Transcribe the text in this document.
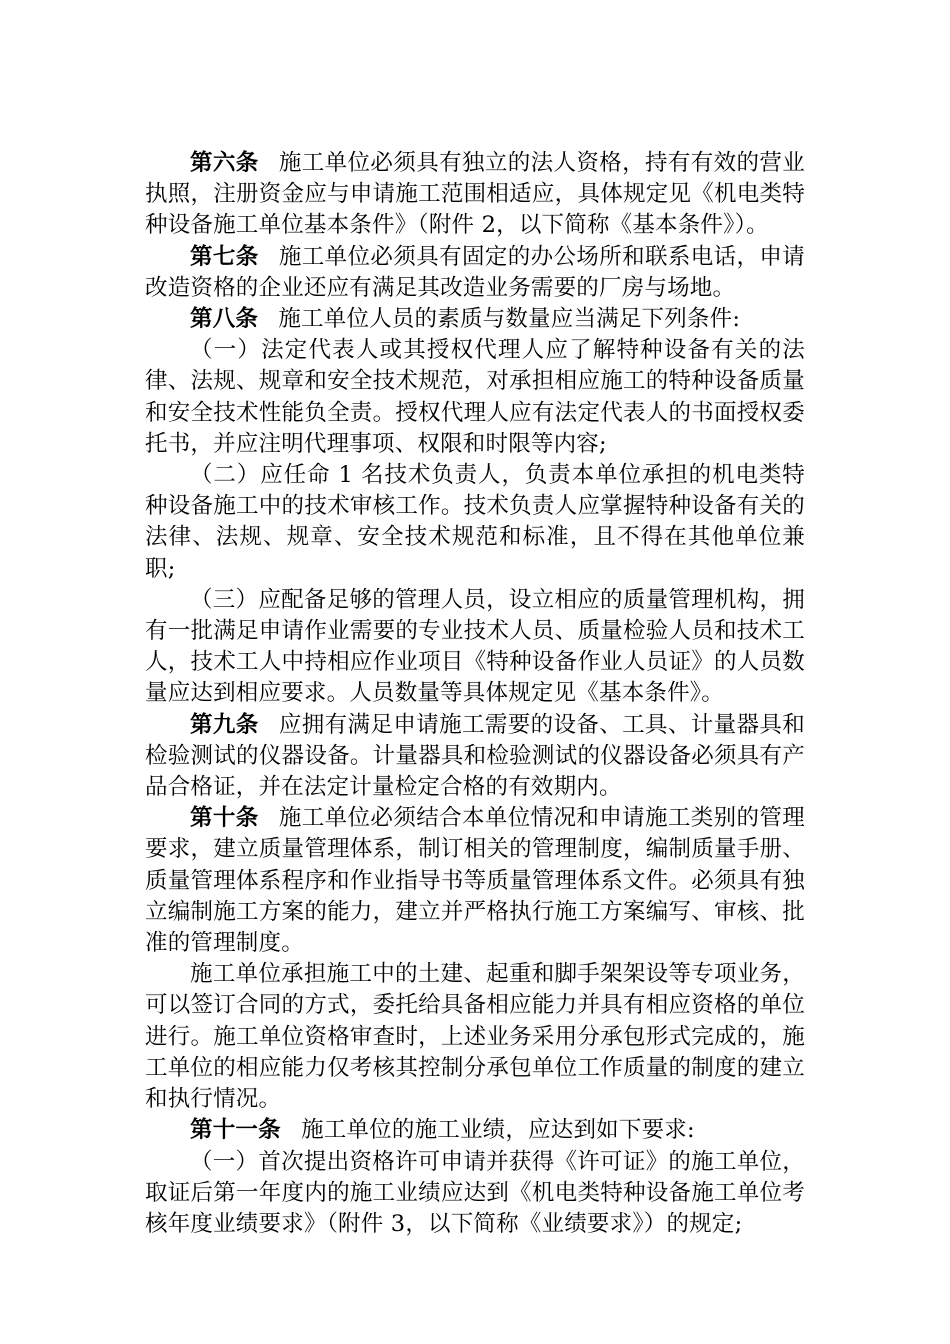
第六条 施工单位必须具有独立的法人资格，持有有效的营业执照，注册资金应与申请施工范围相适应，具体规定见《机电类特种设备施工单位基本条件》（附件 2，以下简称《基本条件》）。

第七条 施工单位必须具有固定的办公场所和联系电话，申请改造资格的企业还应有满足其改造业务需要的厂房与场地。

第八条 施工单位人员的素质与数量应当满足下列条件:

（一）法定代表人或其授权代理人应了解特种设备有关的法律、法规、规章和安全技术规范，对承担相应施工的特种设备质量和安全技术性能负全责。授权代理人应有法定代表人的书面授权委托书，并应注明代理事项、权限和时限等内容;

（二）应任命 1 名技术负责人，负责本单位承担的机电类特种设备施工中的技术审核工作。技术负责人应掌握特种设备有关的法律、法规、规章、安全技术规范和标准，且不得在其他单位兼职;

（三）应配备足够的管理人员，设立相应的质量管理机构，拥有一批满足申请作业需要的专业技术人员、质量检验人员和技术工人，技术工人中持相应作业项目《特种设备作业人员证》的人员数量应达到相应要求。人员数量等具体规定见《基本条件》。

第九条 应拥有满足申请施工需要的设备、工具、计量器具和检验测试的仪器设备。计量器具和检验测试的仪器设备必须具有产品合格证，并在法定计量检定合格的有效期内。

第十条 施工单位必须结合本单位情况和申请施工类别的管理要求，建立质量管理体系，制订相关的管理制度，编制质量手册、质量管理体系程序和作业指导书等质量管理体系文件。必须具有独立编制施工方案的能力，建立并严格执行施工方案编写、审核、批准的管理制度。

施工单位承担施工中的土建、起重和脚手架架设等专项业务，可以签订合同的方式，委托给具备相应能力并具有相应资格的单位进行。施工单位资格审查时，上述业务采用分承包形式完成的，施工单位的相应能力仅考核其控制分承包单位工作质量的制度的建立和执行情况。

第十一条 施工单位的施工业绩，应达到如下要求:

（一）首次提出资格许可申请并获得《许可证》的施工单位，取证后第一年度内的施工业绩应达到《机电类特种设备施工单位考核年度业绩要求》（附件 3，以下简称《业绩要求》）的规定;
